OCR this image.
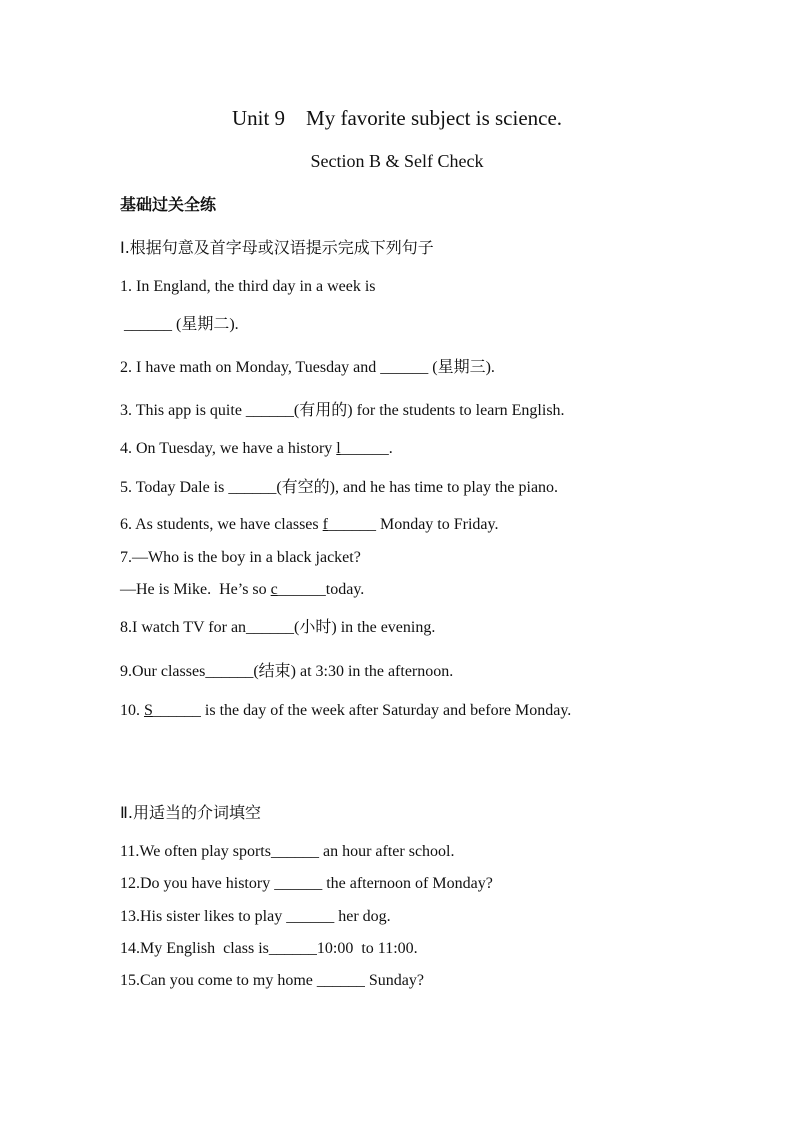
Unit 9    My favorite subject is science.
Section B & Self Check
基础过关全练
Ⅰ.根据句意及首字母或汉语提示完成下列句子
1. In England, the third day in a week is
______ (星期二).
2. I have math on Monday, Tuesday and ______ (星期三).
3. This app is quite ______(有用的) for the students to learn English.
4. On Tuesday, we have a history l______.
5. Today Dale is ______(有空的), and he has time to play the piano.
6. As students, we have classes f______ Monday to Friday.
7.—Who is the boy in a black jacket?
—He is Mike.  He’s so c______today.
8.I watch TV for an______(小时) in the evening.
9.Our classes______(结束) at 3:30 in the afternoon.
10. S______ is the day of the week after Saturday and before Monday.
Ⅱ.用适当的介词填空
11.We often play sports______ an hour after school.
12.Do you have history ______ the afternoon of Monday?
13.His sister likes to play ______ her dog.
14.My English  class is______10:00  to 11:00.
15.Can you come to my home ______ Sunday?
